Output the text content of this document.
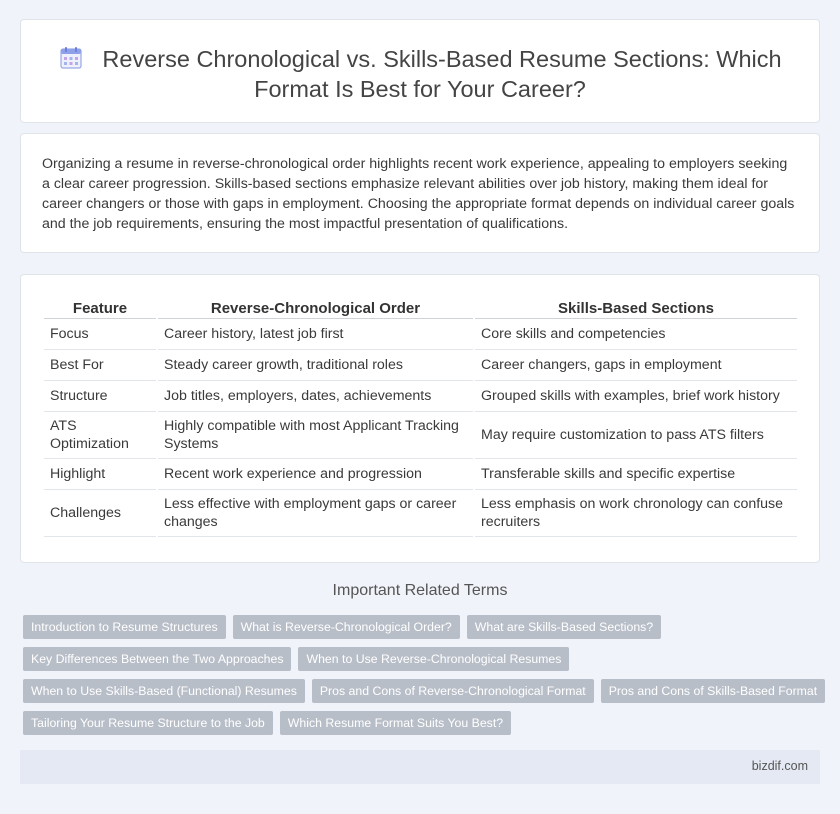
Reverse Chronological vs. Skills-Based Resume Sections: Which Format Is Best for Your Career?

Organizing a resume in reverse-chronological order highlights recent work experience, appealing to employers seeking a clear career progression. Skills-based sections emphasize relevant abilities over job history, making them ideal for career changers or those with gaps in employment. Choosing the appropriate format depends on individual career goals and the job requirements, ensuring the most impactful presentation of qualifications.

Feature	Reverse-Chronological Order	Skills-Based Sections
Focus	Career history, latest job first	Core skills and competencies
Best For	Steady career growth, traditional roles	Career changers, gaps in employment
Structure	Job titles, employers, dates, achievements	Grouped skills with examples, brief work history
ATS Optimization	Highly compatible with most Applicant Tracking Systems	May require customization to pass ATS filters
Highlight	Recent work experience and progression	Transferable skills and specific expertise
Challenges	Less effective with employment gaps or career changes	Less emphasis on work chronology can confuse recruiters
Important Related Terms
Introduction to Resume Structures	What is Reverse-Chronological Order?	What are Skills-Based Sections?
Key Differences Between the Two Approaches	When to Use Reverse-Chronological Resumes
When to Use Skills-Based (Functional) Resumes	Pros and Cons of Reverse-Chronological Format	Pros and Cons of Skills-Based Format
Tailoring Your Resume Structure to the Job	Which Resume Format Suits You Best?
bizdif.com
